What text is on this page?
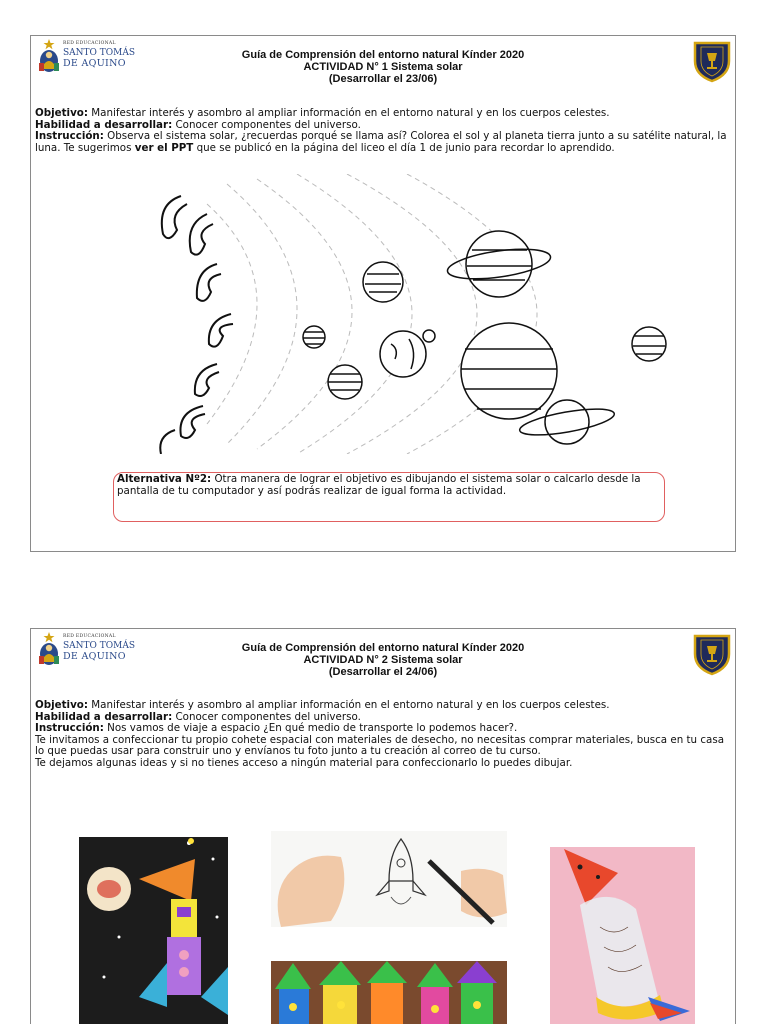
RED EDUCACIONAL
SANTO TOMÁS
DE AQUINO
Guía de Comprensión del entorno natural Kínder 2020
ACTIVIDAD N° 1 Sistema solar
(Desarrollar el 23/06)
Objetivo: Manifestar interés y asombro al ampliar información en el entorno natural y en los cuerpos celestes.
Habilidad a desarrollar: Conocer componentes del universo.
Instrucción: Observa el sistema solar, ¿recuerdas porqué se llama así? Colorea el sol y al planeta tierra junto a su satélite natural, la luna. Te sugerimos ver el PPT que se publicó en la página del liceo el día 1 de junio para recordar lo aprendido.
Alternativa Nº2: Otra manera de lograr el objetivo es dibujando el sistema solar o calcarlo desde la pantalla de tu computador y así podrás realizar de igual forma la actividad.
RED EDUCACIONAL
SANTO TOMÁS
DE AQUINO
Guía de Comprensión del entorno natural Kínder 2020
ACTIVIDAD N° 2 Sistema solar
(Desarrollar el 24/06)
Objetivo: Manifestar interés y asombro al ampliar información en el entorno natural y en los cuerpos celestes.
Habilidad a desarrollar: Conocer componentes del universo.
Instrucción: Nos vamos de viaje a espacio ¿En qué medio de transporte lo podemos hacer?.
Te invitamos a confeccionar tu propio cohete espacial con materiales de desecho, no necesitas comprar materiales, busca en tu casa lo que puedas usar para construir uno y envíanos tu foto junto a tu creación al correo de tu curso.
Te dejamos algunas ideas y si no tienes acceso a ningún material para confeccionarlo lo puedes dibujar.
